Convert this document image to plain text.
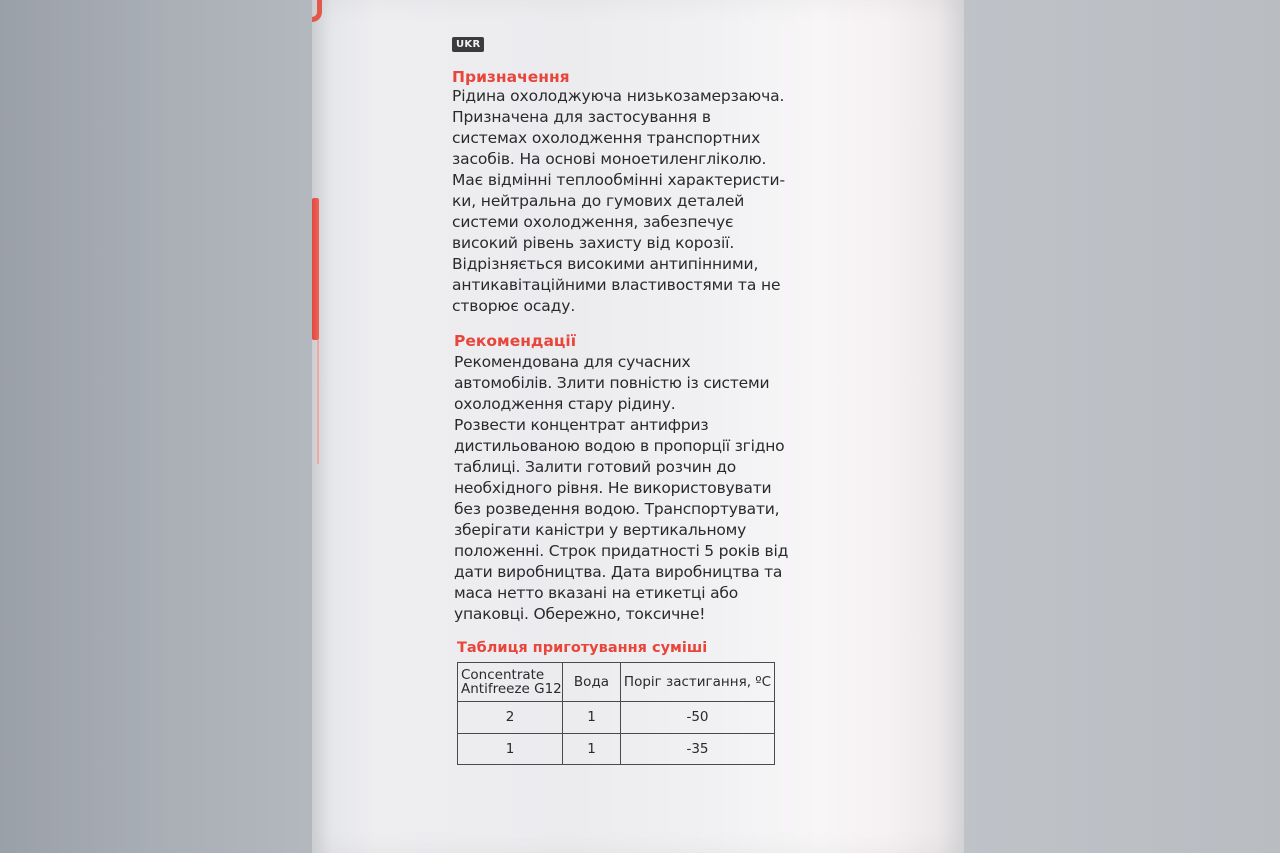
UKR
Призначення

Рідина охолоджуюча низькозамерзаюча.
Призначена для застосування в
системах охолодження транспортних
засобів. На основі моноетиленгліколю.
Має відмінні теплообмінні характеристи-
ки, нейтральна до гумових деталей
системи охолодження, забезпечує
високий рівень захисту від корозії.
Відрізняється високими антипінними,
антикавітаційними властивостями та не
створює осаду.

Рекомендації

Рекомендована для сучасних
автомобілів. Злити повністю із системи
охолодження стару рідину.
Розвести концентрат антифриз
дистильованою водою в пропорції згідно
таблиці. Залити готовий розчин до
необхідного рівня. Не використовувати
без розведення водою. Транспортувати,
зберігати каністри у вертикальному
положенні. Строк придатності 5 років від
дати виробництва. Дата виробництва та
маса нетто вказані на етикетці або
упаковці. Обережно, токсичне!

Таблиця приготування суміші
Concentrate
Antifreeze G12	Вода	Поріг застигання, ºС
2	1	-50
1	1	-35
